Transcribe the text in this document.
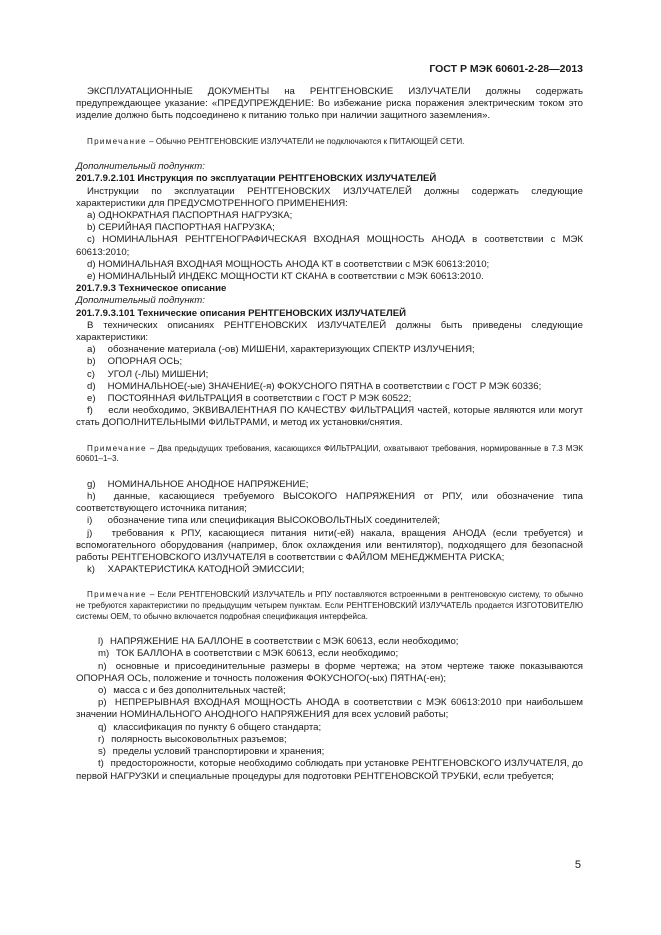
ГОСТ Р МЭК 60601-2-28—2013

ЭКСПЛУАТАЦИОННЫЕ ДОКУМЕНТЫ на РЕНТГЕНОВСКИЕ ИЗЛУЧАТЕЛИ должны содержать предупреждающее указание: «ПРЕДУПРЕЖДЕНИЕ: Во избежание риска поражения электрическим током это изделие должно быть подсоединено к питанию только при наличии защитного заземления».

Примечание – Обычно РЕНТГЕНОВСКИЕ ИЗЛУЧАТЕЛИ не подключаются к ПИТАЮЩЕЙ СЕТИ.

Дополнительный подпункт:

201.7.9.2.101 Инструкция по эксплуатации РЕНТГЕНОВСКИХ ИЗЛУЧАТЕЛЕЙ

Инструкции по эксплуатации РЕНТГЕНОВСКИХ ИЗЛУЧАТЕЛЕЙ должны содержать следующие характеристики для ПРЕДУСМОТРЕННОГО ПРИМЕНЕНИЯ:

a) ОДНОКРАТНАЯ ПАСПОРТНАЯ НАГРУЗКА;

b) СЕРИЙНАЯ ПАСПОРТНАЯ НАГРУЗКА;

c) НОМИНАЛЬНАЯ РЕНТГЕНОГРАФИЧЕСКАЯ ВХОДНАЯ МОЩНОСТЬ АНОДА в соответствии с МЭК 60613:2010;

d) НОМИНАЛЬНАЯ ВХОДНАЯ МОЩНОСТЬ АНОДА КТ в соответствии с МЭК 60613:2010;

e) НОМИНАЛЬНЫЙ ИНДЕКС МОЩНОСТИ КТ СКАНА в соответствии с МЭК 60613:2010.

201.7.9.3 Техническое описание

Дополнительный подпункт:

201.7.9.3.101 Технические описания РЕНТГЕНОВСКИХ ИЗЛУЧАТЕЛЕЙ

В технических описаниях РЕНТГЕНОВСКИХ ИЗЛУЧАТЕЛЕЙ должны быть приведены следующие характеристики:

a) обозначение материала (-ов) МИШЕНИ, характеризующих СПЕКТР ИЗЛУЧЕНИЯ;

b) ОПОРНАЯ ОСЬ;

c) УГОЛ (-ЛЫ) МИШЕНИ;

d) НОМИНАЛЬНОЕ(-ые) ЗНАЧЕНИЕ(-я) ФОКУСНОГО ПЯТНА в соответствии с ГОСТ Р МЭК 60336;

e) ПОСТОЯННАЯ ФИЛЬТРАЦИЯ в соответствии с ГОСТ Р МЭК 60522;

f) если необходимо, ЭКВИВАЛЕНТНАЯ ПО КАЧЕСТВУ ФИЛЬТРАЦИЯ частей, которые являются или могут стать ДОПОЛНИТЕЛЬНЫМИ ФИЛЬТРАМИ, и метод их установки/снятия.

Примечание – Два предыдущих требования, касающихся ФИЛЬТРАЦИИ, охватывают требования, нормированные в 7.3 МЭК 60601–1–3.

g) НОМИНАЛЬНОЕ АНОДНОЕ НАПРЯЖЕНИЕ;

h) данные, касающиеся требуемого ВЫСОКОГО НАПРЯЖЕНИЯ от РПУ, или обозначение типа соответствующего источника питания;

i) обозначение типа или спецификация ВЫСОКОВОЛЬТНЫХ соединителей;

j) требования к РПУ, касающиеся питания нити(-ей) накала, вращения АНОДА (если требуется) и вспомогательного оборудования (например, блок охлаждения или вентилятор), подходящего для безопасной работы РЕНТГЕНОВСКОГО ИЗЛУЧАТЕЛЯ в соответствии с ФАЙЛОМ МЕНЕДЖМЕНТА РИСКА;

k) ХАРАКТЕРИСТИКА КАТОДНОЙ ЭМИССИИ;

Примечание – Если РЕНТГЕНОВСКИЙ ИЗЛУЧАТЕЛЬ и РПУ поставляются встроенными в рентгеновскую систему, то обычно не требуются характеристики по предыдущим четырем пунктам. Если РЕНТГЕНОВСКИЙ ИЗЛУЧАТЕЛЬ продается ИЗГОТОВИТЕЛЮ системы ОЕМ, то обычно включается подробная спецификация интерфейса.

l) НАПРЯЖЕНИЕ НА БАЛЛОНЕ в соответствии с МЭК 60613, если необходимо;

m) ТОК БАЛЛОНА в соответствии с МЭК 60613, если необходимо;

n) основные и присоединительные размеры в форме чертежа; на этом чертеже также показываются ОПОРНАЯ ОСЬ, положение и точность положения ФОКУСНОГО(-ых) ПЯТНА(-ен);

o) масса с и без дополнительных частей;

p) НЕПРЕРЫВНАЯ ВХОДНАЯ МОЩНОСТЬ АНОДА в соответствии с МЭК 60613:2010 при наибольшем значении НОМИНАЛЬНОГО АНОДНОГО НАПРЯЖЕНИЯ для всех условий работы;

q) классификация по пункту 6 общего стандарта;

r) полярность высоковольтных разъемов;

s) пределы условий транспортировки и хранения;

t) предосторожности, которые необходимо соблюдать при установке РЕНТГЕНОВСКОГО ИЗЛУЧАТЕЛЯ, до первой НАГРУЗКИ и специальные процедуры для подготовки РЕНТГЕНОВСКОЙ ТРУБКИ, если требуется;

5
